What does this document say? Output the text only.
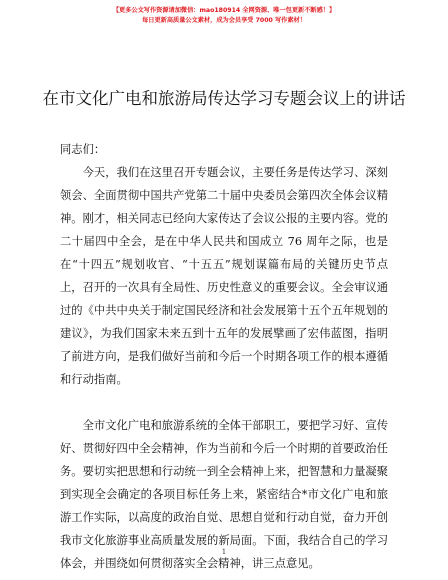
【更多公文写作资源请加微信：mao180914 全网资源、唯一包更新不断感！】
每日更新高质量公文素材，成为会员享受 7000 写作素材！
在市文化广电和旅游局传达学习专题会议上的讲话

同志们：

今天，我们在这里召开专题会议，主要任务是传达学习、深刻领会、全面贯彻中国共产党第二十届中央委员会第四次全体会议精神。刚才，相关同志已经向大家传达了会议公报的主要内容。党的二十届四中全会，是在中华人民共和国成立 76 周年之际，也是在“十四五”规划收官、“十五五”规划谋篇布局的关键历史节点上，召开的一次具有全局性、历史性意义的重要会议。全会审议通过的《中共中央关于制定国民经济和社会发展第十五个五年规划的建议》，为我们国家未来五到十五年的发展擘画了宏伟蓝图，指明了前进方向，是我们做好当前和今后一个时期各项工作的根本遵循和行动指南。

全市文化广电和旅游系统的全体干部职工，要把学习好、宣传好、贯彻好四中全会精神，作为当前和今后一个时期的首要政治任务。要切实把思想和行动统一到全会精神上来，把智慧和力量凝聚到实现全会确定的各项目标任务上来，紧密结合*市文化广电和旅游工作实际，以高度的政治自觉、思想自觉和行动自觉，奋力开创我市文化旅游事业高质量发展的新局面。下面，我结合自己的学习体会，并围绕如何贯彻落实全会精神，讲三点意见。

1
